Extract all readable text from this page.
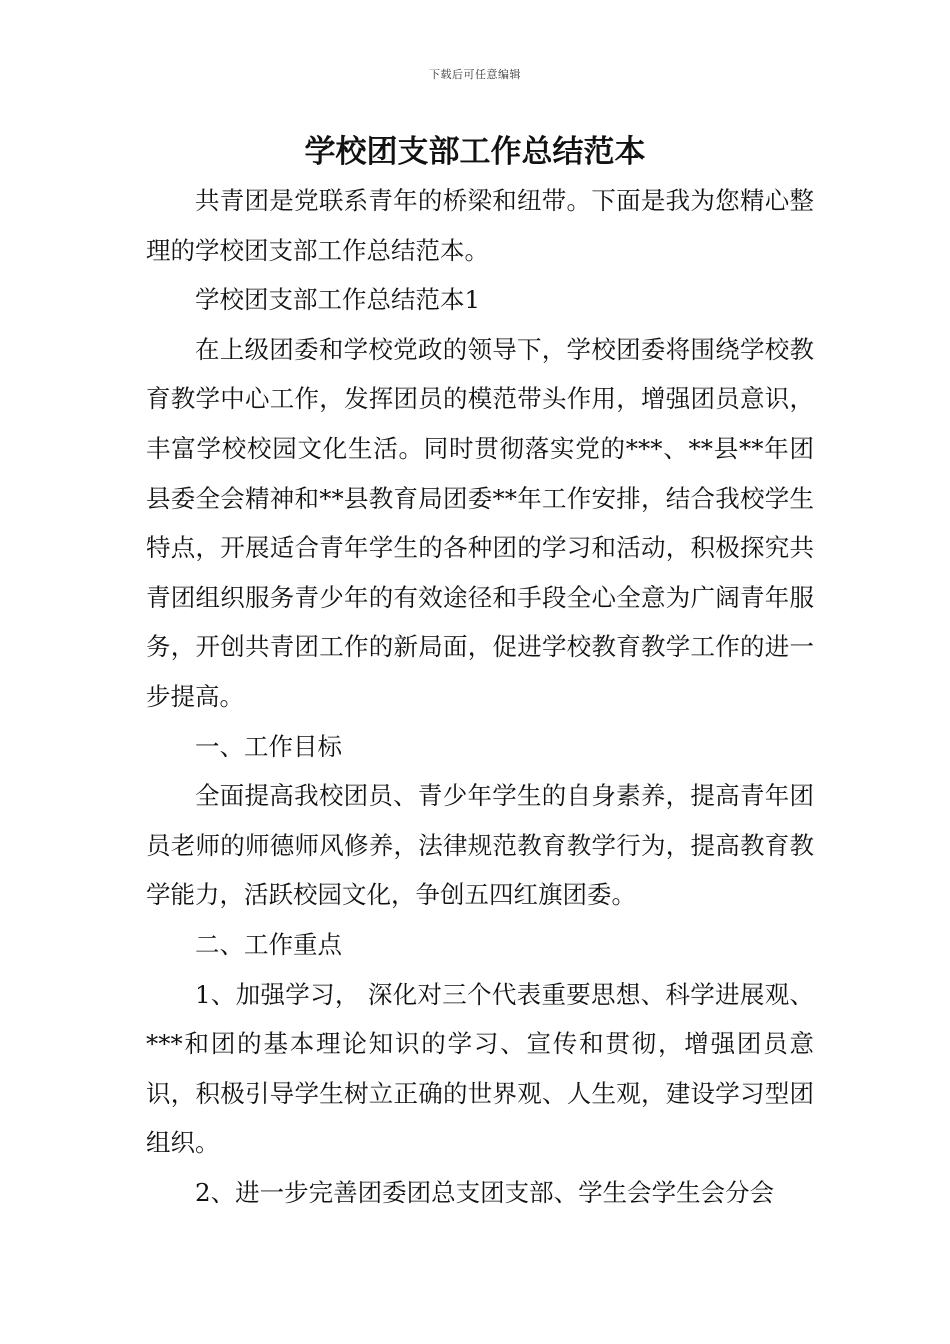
下载后可任意编辑
学校团支部工作总结范本

共青团是党联系青年的桥梁和纽带。下面是我为您精心整理的学校团支部工作总结范本。

学校团支部工作总结范本1

在上级团委和学校党政的领导下，学校团委将围绕学校教育教学中心工作，发挥团员的模范带头作用，增强团员意识，丰富学校校园文化生活。同时贯彻落实党的***、**县**年团县委全会精神和**县教育局团委**年工作安排，结合我校学生特点，开展适合青年学生的各种团的学习和活动，积极探究共青团组织服务青少年的有效途径和手段全心全意为广阔青年服务，开创共青团工作的新局面，促进学校教育教学工作的进一步提高。

一、工作目标

全面提高我校团员、青少年学生的自身素养，提高青年团员老师的师德师风修养，法律规范教育教学行为，提高教育教学能力，活跃校园文化，争创五四红旗团委。

二、工作重点

1、加强学习， 深化对三个代表重要思想、科学进展观、***和团的基本理论知识的学习、宣传和贯彻，增强团员意识，积极引导学生树立正确的世界观、人生观，建设学习型团组织。

2、进一步完善团委团总支团支部、学生会学生会分会
